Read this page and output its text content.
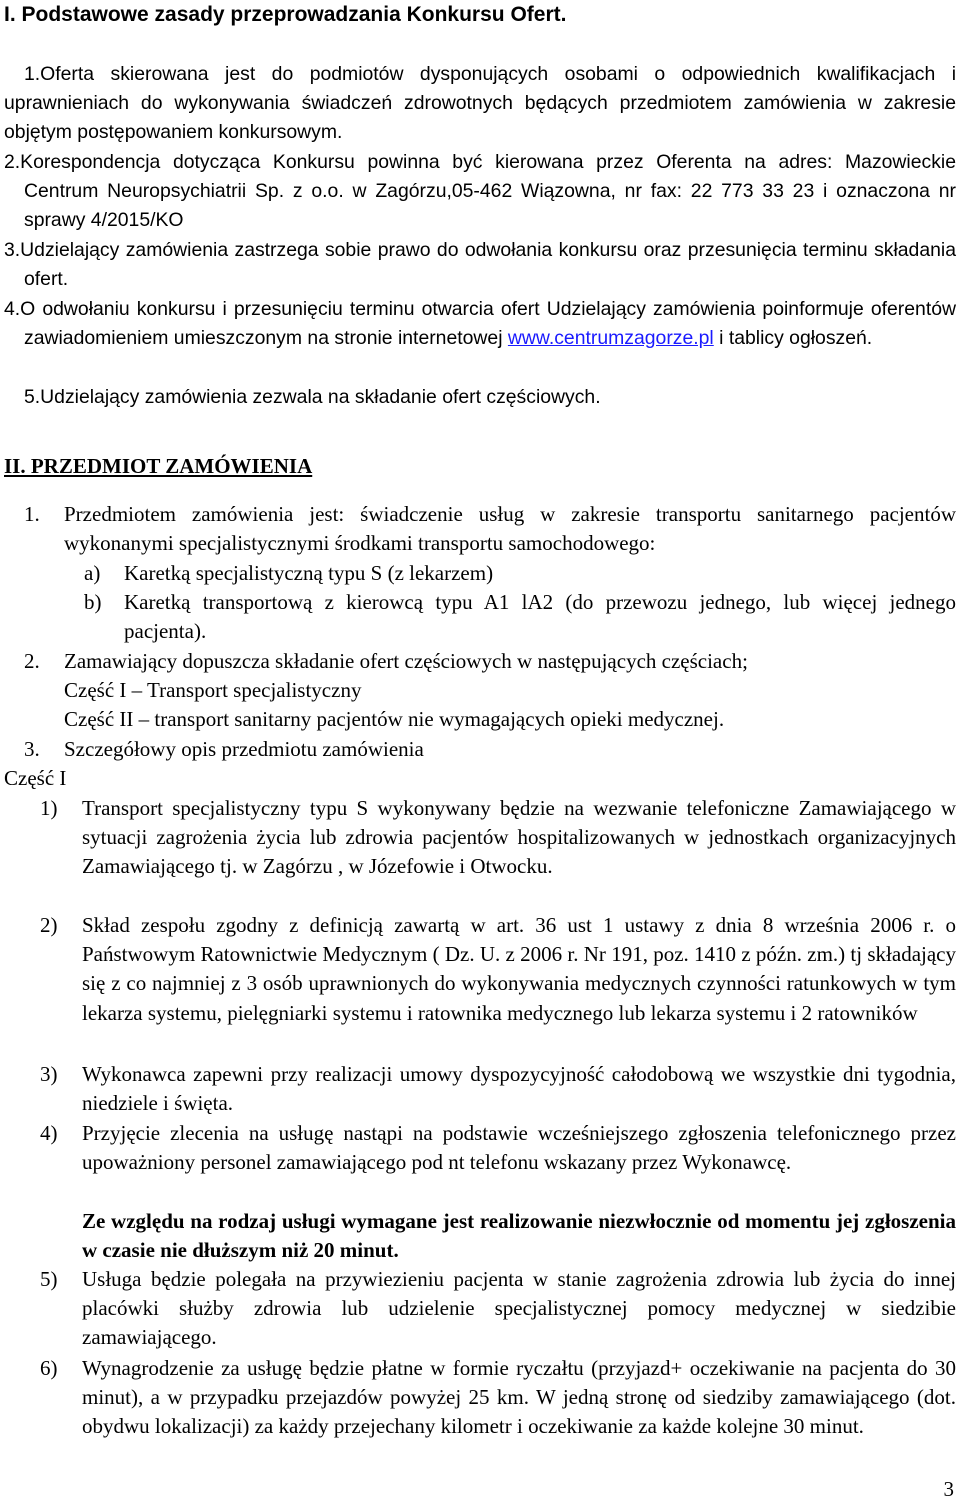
I. Podstawowe zasady przeprowadzania Konkursu Ofert.

1.Oferta skierowana jest do podmiotów dysponujących osobami o odpowiednich kwalifikacjach i uprawnieniach do wykonywania świadczeń zdrowotnych będących przedmiotem zamówienia w zakresie objętym postępowaniem konkursowym.

2.Korespondencja dotycząca Konkursu powinna być kierowana przez Oferenta na adres: Mazowieckie Centrum Neuropsychiatrii Sp. z o.o. w Zagórzu,05-462 Wiązowna, nr fax: 22 773 33 23 i oznaczona nr sprawy 4/2015/KO

3.Udzielający zamówienia zastrzega sobie prawo do odwołania konkursu oraz przesunięcia terminu składania ofert.

4.O odwołaniu konkursu i przesunięciu terminu otwarcia ofert Udzielający zamówienia poinformuje oferentów zawiadomieniem umieszczonym na stronie internetowej www.centrumzagorze.pl i tablicy ogłoszeń.

5.Udzielający zamówienia zezwala na składanie ofert częściowych.

II. PRZEDMIOT ZAMÓWIENIA

1. Przedmiotem zamówienia jest: świadczenie usług w zakresie transportu sanitarnego pacjentów wykonanymi specjalistycznymi środkami transportu samochodowego:

a) Karetką specjalistyczną typu S (z lekarzem)

b) Karetką transportową z kierowcą typu A1 lA2 (do przewozu jednego, lub więcej jednego pacjenta).

2. Zamawiający dopuszcza składanie ofert częściowych w następujących częściach;

Część I – Transport specjalistyczny

Część II – transport sanitarny pacjentów nie wymagających opieki medycznej.

3. Szczegółowy opis przedmiotu zamówienia

Część I

1) Transport specjalistyczny typu S wykonywany będzie na wezwanie telefoniczne Zamawiającego w sytuacji zagrożenia życia lub zdrowia pacjentów hospitalizowanych w jednostkach organizacyjnych Zamawiającego tj. w Zagórzu , w Józefowie i Otwocku.

2) Skład zespołu zgodny z definicją zawartą w art. 36 ust 1 ustawy z dnia 8 września 2006 r. o Państwowym Ratownictwie Medycznym ( Dz. U. z 2006 r. Nr 191, poz. 1410 z późn. zm.) tj składający się z co najmniej z 3 osób uprawnionych do wykonywania medycznych czynności ratunkowych w tym lekarza systemu, pielęgniarki systemu i ratownika medycznego lub lekarza systemu i 2 ratowników

3) Wykonawca zapewni przy realizacji umowy dyspozycyjność całodobową we wszystkie dni tygodnia, niedziele i święta.

4) Przyjęcie zlecenia na usługę nastąpi na podstawie wcześniejszego zgłoszenia telefonicznego przez upoważniony personel zamawiającego pod nt telefonu wskazany przez Wykonawcę.

Ze względu na rodzaj usługi wymagane jest realizowanie niezwłocznie od momentu jej zgłoszenia w czasie nie dłuższym niż 20 minut.

5) Usługa będzie polegała na przywiezieniu pacjenta w stanie zagrożenia zdrowia lub życia do innej placówki służby zdrowia lub udzielenie specjalistycznej pomocy medycznej w siedzibie zamawiającego.

6) Wynagrodzenie za usługę będzie płatne w formie ryczałtu (przyjazd+ oczekiwanie na pacjenta do 30 minut), a w przypadku przejazdów powyżej 25 km. W jedną stronę od siedziby zamawiającego (dot. obydwu lokalizacji) za każdy przejechany kilometr i oczekiwanie za każde kolejne 30 minut.

3
